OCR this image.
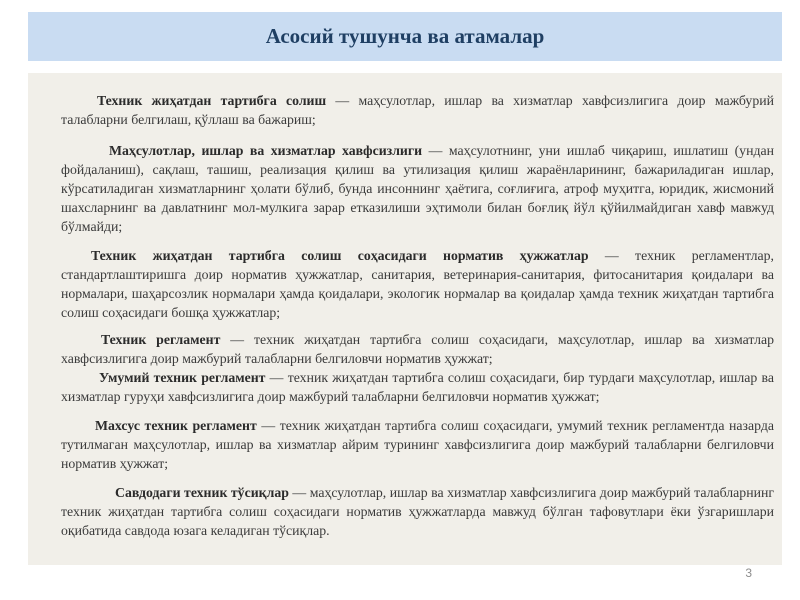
Асосий тушунча ва атамалар

Техник жиҳатдан тартибга солиш — маҳсулотлар, ишлар ва хизматлар хавфсизлигига доир мажбурий талабларни белгилаш, қўллаш ва бажариш;

Маҳсулотлар, ишлар ва хизматлар хавфсизлиги — маҳсулотнинг, уни ишлаб чиқариш, ишлатиш (ундан фойдаланиш), сақлаш, ташиш, реализация қилиш ва утилизация қилиш жараёнларининг, бажариладиган ишлар, кўрсатиладиган хизматларнинг ҳолати бўлиб, бунда инсоннинг ҳаётига, соғлиғига, атроф муҳитга, юридик, жисмоний шахсларнинг ва давлатнинг мол-мулкига зарар етказилиши эҳтимоли билан боғлиқ йўл қўйилмайдиган хавф мавжуд бўлмайди;

Техник жиҳатдан тартибга солиш соҳасидаги норматив ҳужжатлар — техник регламентлар, стандартлаштиришга доир норматив ҳужжатлар, санитария, ветеринария-санитария, фитосанитария қоидалари ва нормалари, шаҳарсозлик нормалари ҳамда қоидалари, экологик нормалар ва қоидалар ҳамда техник жиҳатдан тартибга солиш соҳасидаги бошқа ҳужжатлар;

Техник регламент — техник жиҳатдан тартибга солиш соҳасидаги, маҳсулотлар, ишлар ва хизматлар хавфсизлигига доир мажбурий талабларни белгиловчи норматив ҳужжат;

Умумий техник регламент — техник жиҳатдан тартибга солиш соҳасидаги, бир турдаги маҳсулотлар, ишлар ва хизматлар гуруҳи хавфсизлигига доир мажбурий талабларни белгиловчи норматив ҳужжат;

Махсус техник регламент — техник жиҳатдан тартибга солиш соҳасидаги, умумий техник регламентда назарда тутилмаган маҳсулотлар, ишлар ва хизматлар айрим турининг хавфсизлигига доир мажбурий талабларни белгиловчи норматив ҳужжат;

Савдодаги техник тўсиқлар — маҳсулотлар, ишлар ва хизматлар хавфсизлигига доир мажбурий талабларнинг техник жиҳатдан тартибга солиш соҳасидаги норматив ҳужжатларда мавжуд бўлган тафовутлари ёки ўзгаришлари оқибатида савдода юзага келадиган тўсиқлар.

3
